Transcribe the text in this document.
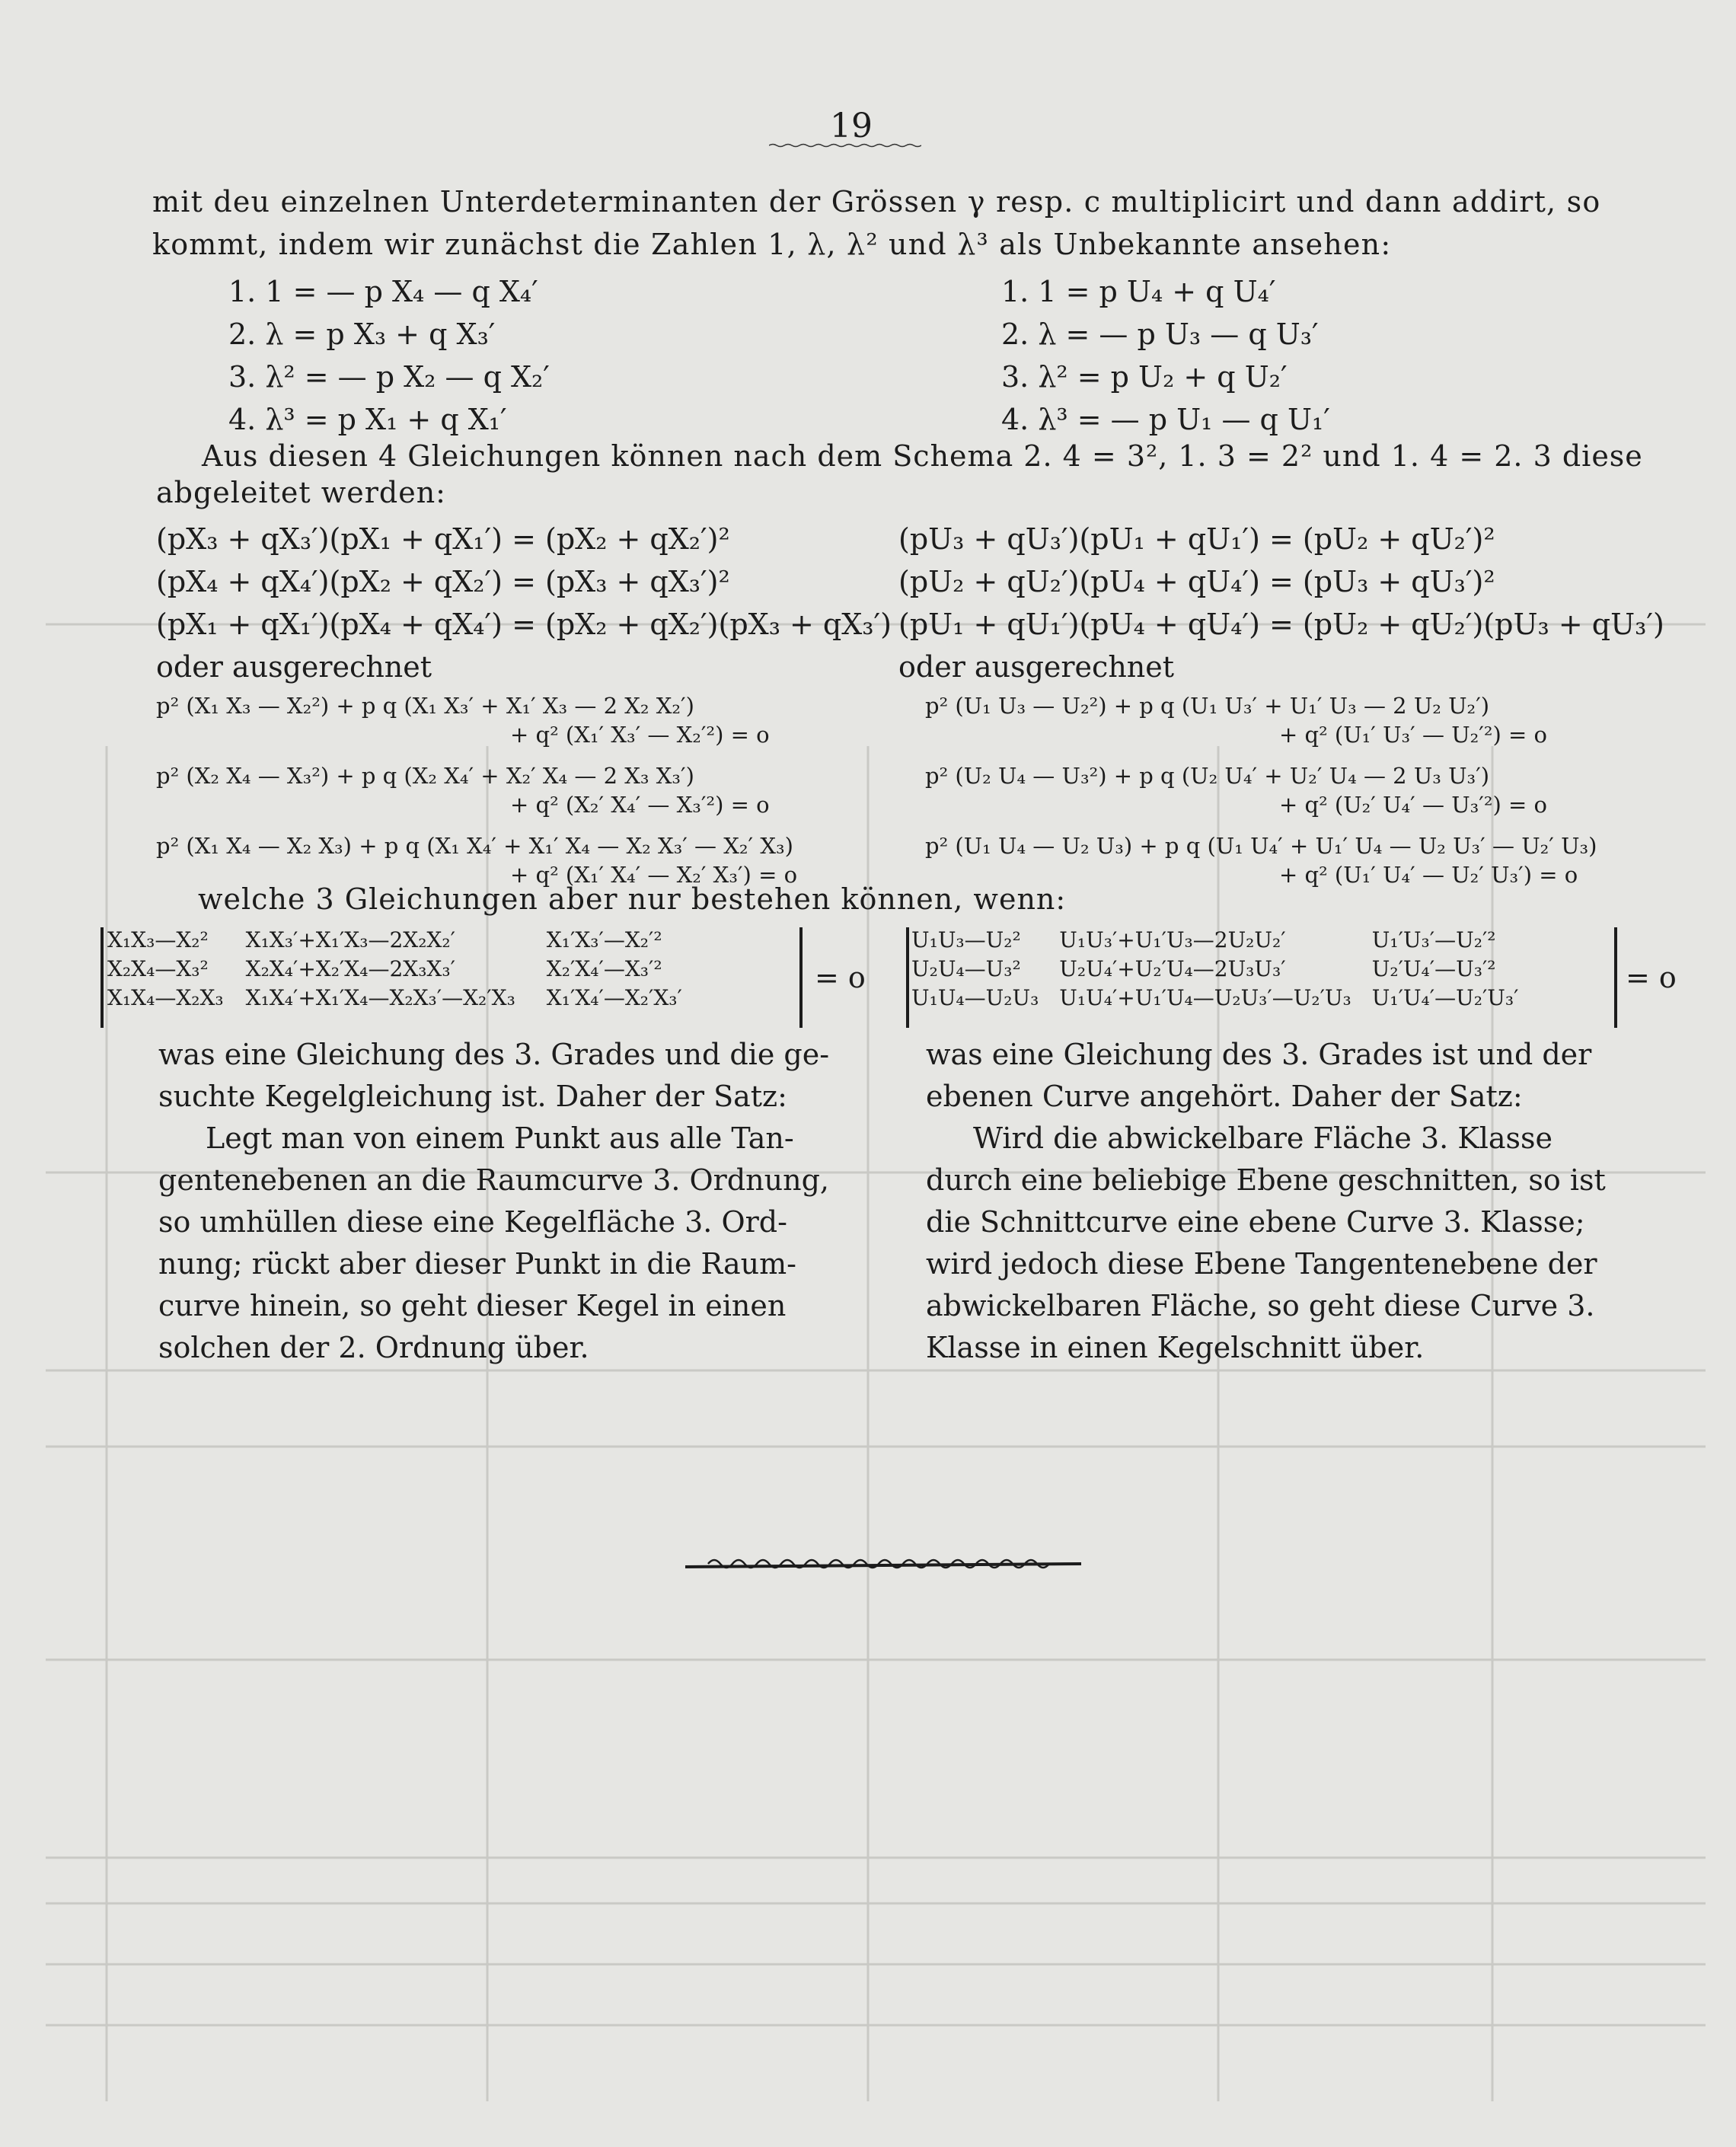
19
mit deu einzelnen Unterdeterminanten der Grössen γ resp. c multiplicirt und dann addirt, so
kommt, indem wir zunächst die Zahlen 1, λ, λ² und λ³ als Unbekannte ansehen:
1. 1 = — p X₄ — q X₄′
2. λ = p X₃ + q X₃′
3. λ² = — p X₂ — q X₂′
4. λ³ = p X₁ + q X₁′
1. 1 = p U₄ + q U₄′
2. λ = — p U₃ — q U₃′
3. λ² = p U₂ + q U₂′
4. λ³ = — p U₁ — q U₁′
Aus diesen 4 Gleichungen können nach dem Schema 2. 4 = 3², 1. 3 = 2² und 1. 4 = 2. 3 diese
abgeleitet werden:
(pX₃ + qX₃′)(pX₁ + qX₁′) = (pX₂ + qX₂′)²
(pX₄ + qX₄′)(pX₂ + qX₂′) = (pX₃ + qX₃′)²
(pX₁ + qX₁′)(pX₄ + qX₄′) = (pX₂ + qX₂′)(pX₃ + qX₃′)
oder ausgerechnet
(pU₃ + qU₃′)(pU₁ + qU₁′) = (pU₂ + qU₂′)²
(pU₂ + qU₂′)(pU₄ + qU₄′) = (pU₃ + qU₃′)²
(pU₁ + qU₁′)(pU₄ + qU₄′) = (pU₂ + qU₂′)(pU₃ + qU₃′)
oder ausgerechnet
p² (X₁ X₃ — X₂²) + p q (X₁ X₃′ + X₁′ X₃ — 2 X₂ X₂′)
+ q² (X₁′ X₃′ — X₂′²) = o
p² (X₂ X₄ — X₃²) + p q (X₂ X₄′ + X₂′ X₄ — 2 X₃ X₃′)
+ q² (X₂′ X₄′ — X₃′²) = o
p² (X₁ X₄ — X₂ X₃) + p q (X₁ X₄′ + X₁′ X₄ — X₂ X₃′ — X₂′ X₃)
+ q² (X₁′ X₄′ — X₂′ X₃′) = o
p² (U₁ U₃ — U₂²) + p q (U₁ U₃′ + U₁′ U₃ — 2 U₂ U₂′)
+ q² (U₁′ U₃′ — U₂′²) = o
p² (U₂ U₄ — U₃²) + p q (U₂ U₄′ + U₂′ U₄ — 2 U₃ U₃′)
+ q² (U₂′ U₄′ — U₃′²) = o
p² (U₁ U₄ — U₂ U₃) + p q (U₁ U₄′ + U₁′ U₄ — U₂ U₃′ — U₂′ U₃)
+ q² (U₁′ U₄′ — U₂′ U₃′) = o
welche 3 Gleichungen aber nur bestehen können, wenn:
X₁X₃—X₂²	X₁X₃′+X₁′X₃—2X₂X₂′	X₁′X₃′—X₂′²
X₂X₄—X₃²	X₂X₄′+X₂′X₄—2X₃X₃′	X₂′X₄′—X₃′²
X₁X₄—X₂X₃	X₁X₄′+X₁′X₄—X₂X₃′—X₂′X₃	X₁′X₄′—X₂′X₃′
= o
U₁U₃—U₂²	U₁U₃′+U₁′U₃—2U₂U₂′	U₁′U₃′—U₂′²
U₂U₄—U₃²	U₂U₄′+U₂′U₄—2U₃U₃′	U₂′U₄′—U₃′²
U₁U₄—U₂U₃	U₁U₄′+U₁′U₄—U₂U₃′—U₂′U₃	U₁′U₄′—U₂′U₃′
= o
was eine Gleichung des 3. Grades und die ge-
suchte Kegelgleichung ist. Daher der Satz:
Legt man von einem Punkt aus alle Tan-
gentenebenen an die Raumcurve 3. Ordnung,
so umhüllen diese eine Kegelfläche 3. Ord-
nung; rückt aber dieser Punkt in die Raum-
curve hinein, so geht dieser Kegel in einen
solchen der 2. Ordnung über.
was eine Gleichung des 3. Grades ist und der
ebenen Curve angehört. Daher der Satz:
Wird die abwickelbare Fläche 3. Klasse
durch eine beliebige Ebene geschnitten, so ist
die Schnittcurve eine ebene Curve 3. Klasse;
wird jedoch diese Ebene Tangentenebene der
abwickelbaren Fläche, so geht diese Curve 3.
Klasse in einen Kegelschnitt über.
